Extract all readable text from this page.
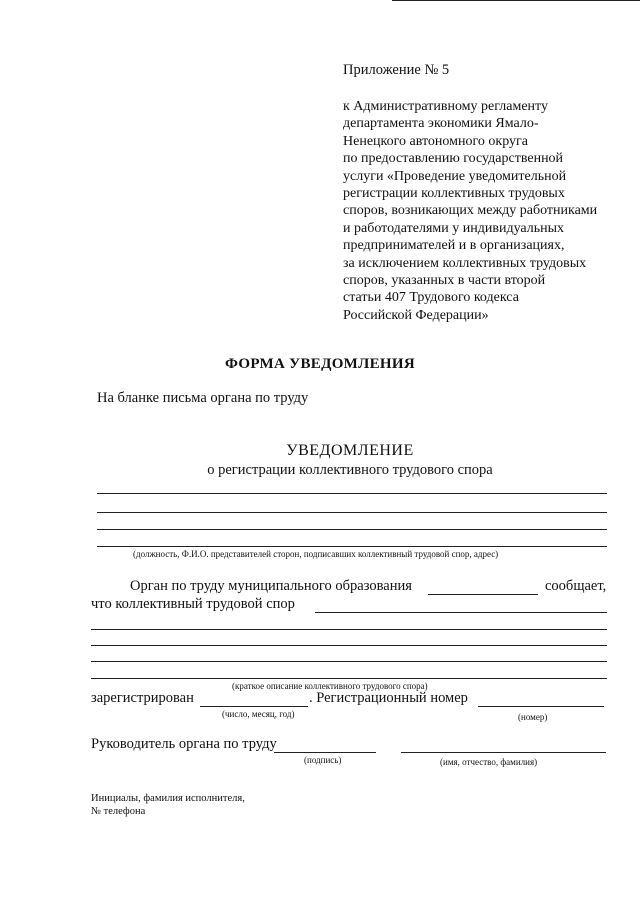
Приложение № 5
к Административному регламенту
департамента экономики Ямало-
Ненецкого автономного округа
по предоставлению государственной
услуги «Проведение уведомительной
регистрации коллективных трудовых
споров, возникающих между работниками
и работодателями у индивидуальных
предпринимателей и в организациях,
за исключением коллективных трудовых
споров, указанных в части второй
статьи 407 Трудового кодекса
Российской Федерации»
ФОРМА УВЕДОМЛЕНИЯ
На бланке письма органа по труду
УВЕДОМЛЕНИЕ
о регистрации коллективного трудового спора
(должность, Ф.И.О. представителей сторон, подписавших коллективный трудовой спор, адрес)
Орган по труду муниципального образования	сообщает,
что коллективный трудовой спор
(краткое описание коллективного трудового спора)
зарегистрирован	. Регистрационный номер
(число, месяц, год)	(номер)
Руководитель органа по труду
(подпись)	(имя, отчество, фамилия)
Инициалы, фамилия исполнителя,
№ телефона
